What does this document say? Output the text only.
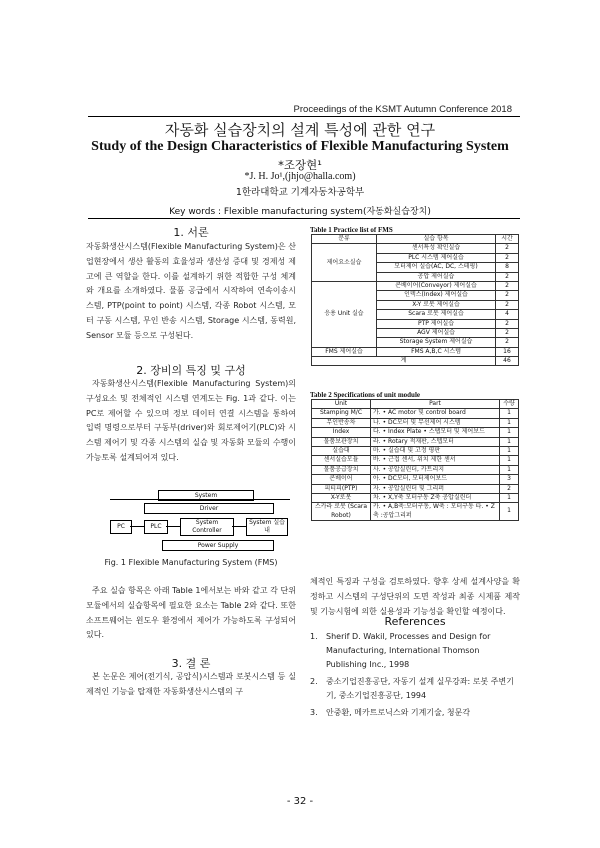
Proceedings of the KSMT Autumn Conference 2018
자동화 실습장치의 설계 특성에 관한 연구
Study of the Design Characteristics of Flexible Manufacturing System
*조장현¹
*J. H. Jo¹,(jhjo@halla.com)
1한라대학교 기계자동차공학부
Key words : Flexible manufacturing system(자동화실습장치)
1. 서론
자동화생산시스템(Flexible Manufacturing System)은 산업현장에서 생산 활동의 효율성과 생산성 증대 및 경제성 제고에 큰 역할을 한다. 이를 설계하기 위한 적합한 구성 체계와 개요를 소개하였다. 물품 공급에서 시작하여 연속이송시스템, PTP(point to point) 시스템, 각종 Robot 시스템, 모터 구동 시스템, 무인 반송 시스템, Storage 시스템, 동력원, Sensor 모듈 등으로 구성된다.
2. 장비의 특징 및 구성
자동화생산시스템(Flexible Manufacturing System)의 구성요소 및 전체적인 시스템 연계도는 Fig. 1과 같다. 이는 PC로 제어할 수 있으며 정보 데이터 연결 시스템을 통하여 입력 명령으로부터 구동부(driver)와 회로제어기(PLC)와 시스템 제어기 및 각종 시스템의 실습 및 자동화 모듈의 수행이 가능토록 설계되어져 있다.
System
Driver
PC	PLC
System Controller
System 실습내
Power Supply
Fig. 1 Flexible Manufacturing System (FMS)
주요 실습 항목은 아래 Table 1에서보는 바와 같고 각 단위 모듈에서의 실습항목에 필요한 요소는 Table 2와 같다. 또한 소프트웨어는 윈도우 환경에서 제어가 가능하도록 구성되어 있다.
3. 결 론
본 논문은 제어(전기식, 공압식)시스템과 로봇시스템 등 실제적인 기능을 탑재한 자동화생산시스템의 구
Table 1 Practice list of FMS
분류	실습 항목	시간
제어요소실습	센서특성 확인실습	2
	PLC 시스템 제어실습	2
	모터제어 실습(AC, DC, 스테핑)	8
	공압 제어실습	2
응용 Unit 실습	콘베이어(Conveyor) 제어실습	2
	인덱스(Index) 제어실습	2
	X-Y 로봇 제어실습	2
	Scara 로봇 제어실습	4
	PTP 제어실습	2
	AGV 제어실습	2
	Storage System 제어실습	2
FMS 제어실습	FMS A,B,C 시스템	16
계		46
Table 2 Specifications of unit module
Unit	Part	수량
Stamping M/C	가. • AC motor 및 control board	1
무인반송차	나. • DC모터 및 무선제어 시스템	1
Index	다. • Index Plate • 스탭모터 및 제어보드	1
물품보관장치	라. • Rotary 적재판, 스텝모터	1
실습대	마. • 실습대 및 고정 평판	1
센서실습모듈	바. • 근접 센서, 위치 제한 센서	1
물품공급장치	사. • 공압실린더, 카트리지	1
콘베이어	아. • DC모터, 모터제어보드	3
피티피(PTP)	자. • 공압실린더 및 그리퍼	2
X-Y로봇	차. • X,Y축 모터구동 Z축 공압실린더	1
스카라 로봇 (Scara Robot)	카. • A,B축:모터구동, W축 : 모터구동 타. • Z축 :공압그리퍼	1
체적인 특징과 구성을 검토하였다. 향후 상세 설계사양을 확정하고 시스템의 구성단위의 도면 작성과 최종 시제품 제작 및 기능시험에 의한 실용성과 기능성을 확인할 예정이다.
References
1. Sherif D. Wakil, Processes and Design for Manufacturing, International Thomson Publishing Inc., 1998
2. 중소기업진흥공단, 자동기 설계 실무강좌: 로봇 주변기기, 중소기업진흥공단, 1994
3. 안중환, 메카트로닉스와 기계기술, 청문각
- 32 -
